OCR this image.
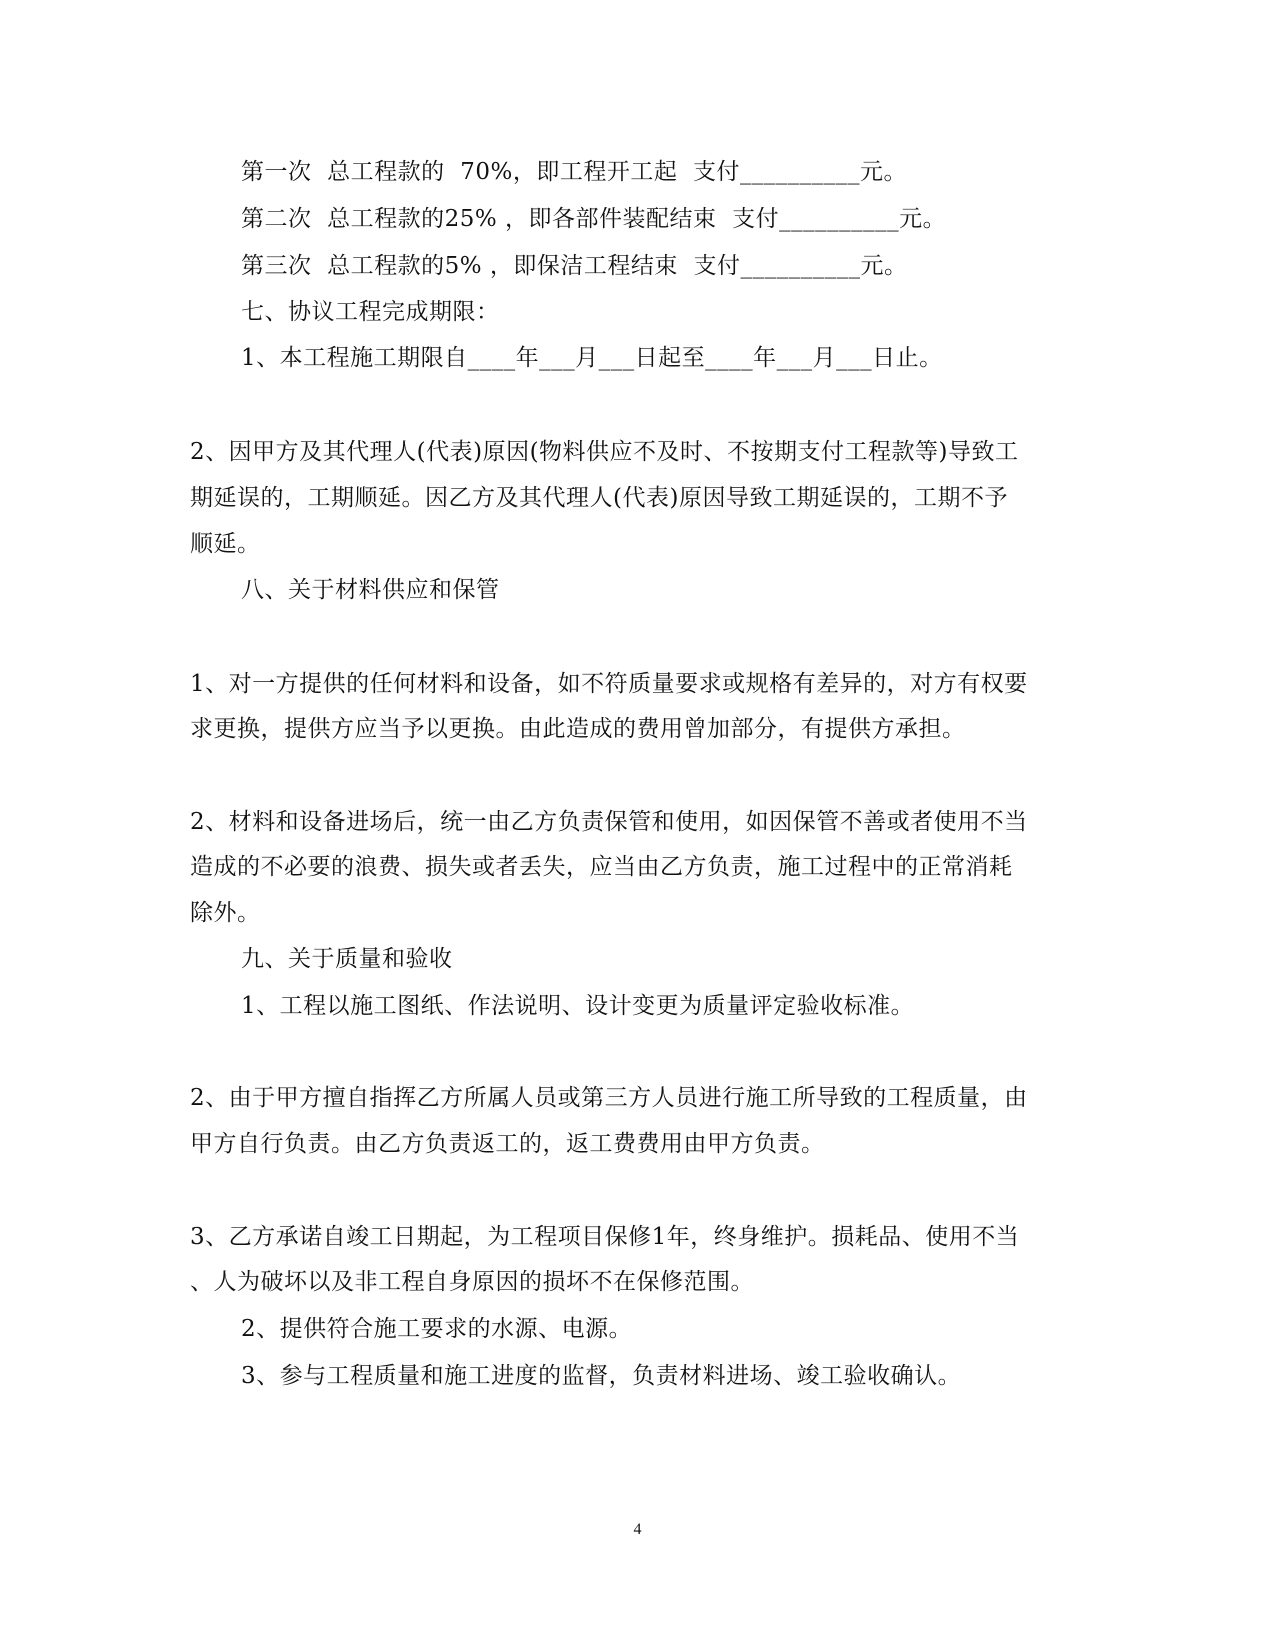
第一次  总工程款的  70%，即工程开工起  支付__________元。
第二次  总工程款的25% ，即各部件装配结束  支付__________元。
第三次  总工程款的5% ，即保洁工程结束  支付__________元。
七、协议工程完成期限：
1、本工程施工期限自____年___月___日起至____年___月___日止。
2、因甲方及其代理人(代表)原因(物料供应不及时、不按期支付工程款等)导致工
期延误的，工期顺延。因乙方及其代理人(代表)原因导致工期延误的，工期不予
顺延。
八、关于材料供应和保管
1、对一方提供的任何材料和设备，如不符质量要求或规格有差异的，对方有权要
求更换，提供方应当予以更换。由此造成的费用曾加部分，有提供方承担。
2、材料和设备进场后，统一由乙方负责保管和使用，如因保管不善或者使用不当
造成的不必要的浪费、损失或者丢失，应当由乙方负责，施工过程中的正常消耗
除外。
九、关于质量和验收
1、工程以施工图纸、作法说明、设计变更为质量评定验收标准。
2、由于甲方擅自指挥乙方所属人员或第三方人员进行施工所导致的工程质量，由
甲方自行负责。由乙方负责返工的，返工费费用由甲方负责。
3、乙方承诺自竣工日期起，为工程项目保修1年，终身维护。损耗品、使用不当
、人为破坏以及非工程自身原因的损坏不在保修范围。
2、提供符合施工要求的水源、电源。
3、参与工程质量和施工进度的监督，负责材料进场、竣工验收确认。
4
